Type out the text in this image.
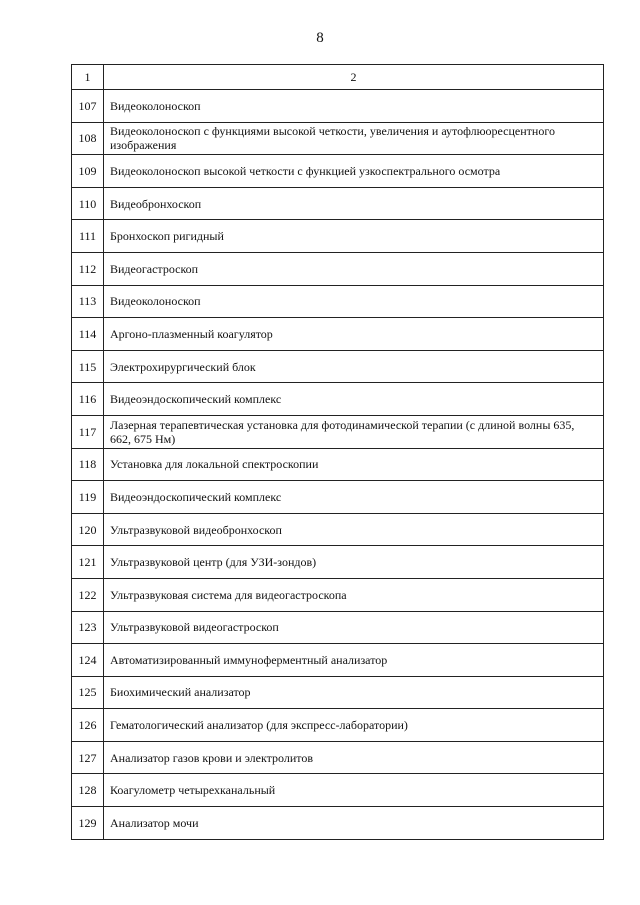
8
1	2
107	Видеоколоноскоп
108	Видеоколоноскоп с функциями высокой четкости, увеличения и аутофлюоресцентного изображения
109	Видеоколоноскоп высокой четкости с функцией узкоспектрального осмотра
110	Видеобронхоскоп
111	Бронхоскоп ригидный
112	Видеогастроскоп
113	Видеоколоноскоп
114	Аргоно-плазменный коагулятор
115	Электрохирургический блок
116	Видеоэндоскопический комплекс
117	Лазерная терапевтическая установка для фотодинамической терапии (с длиной волны 635, 662, 675 Нм)
118	Установка для локальной спектроскопии
119	Видеоэндоскопический комплекс
120	Ультразвуковой видеобронхоскоп
121	Ультразвуковой центр (для УЗИ-зондов)
122	Ультразвуковая система для видеогастроскопа
123	Ультразвуковой видеогастроскоп
124	Автоматизированный иммуноферментный анализатор
125	Биохимический анализатор
126	Гематологический анализатор (для экспресс-лаборатории)
127	Анализатор газов крови и электролитов
128	Коагулометр четырехканальный
129	Анализатор мочи
